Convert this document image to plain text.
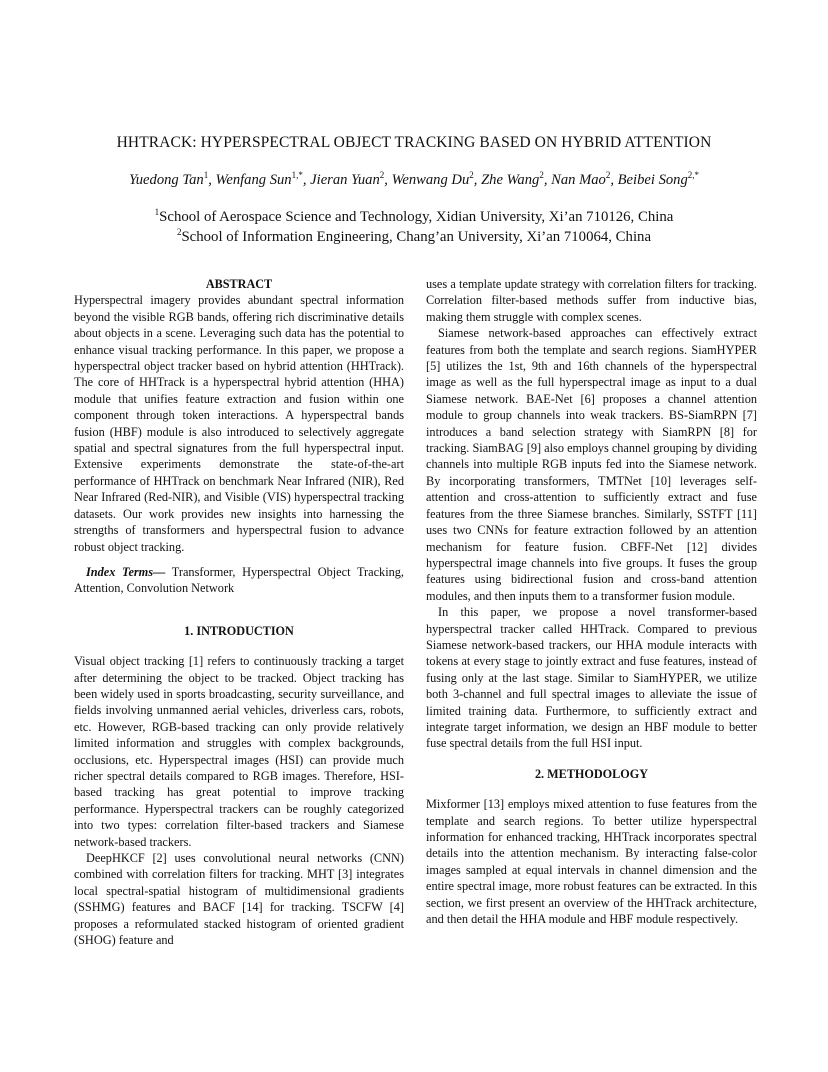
HHTRACK: HYPERSPECTRAL OBJECT TRACKING BASED ON HYBRID ATTENTION
Yuedong Tan$^1$, Wenfang Sun$^{1,*}$, Jieran Yuan$^2$, Wenwang Du$^2$, Zhe Wang$^2$, Nan Mao$^2$, Beibei Song$^{2,*}$
$^1$School of Aerospace Science and Technology, Xidian University, Xi’an 710126, China
$^2$School of Information Engineering, Chang’an University, Xi’an 710064, China

ABSTRACT

Hyperspectral imagery provides abundant spectral information beyond the visible RGB bands, offering rich discriminative details about objects in a scene. Leveraging such data has the potential to enhance visual tracking performance. In this paper, we propose a hyperspectral object tracker based on hybrid attention (HHTrack). The core of HHTrack is a hyperspectral hybrid attention (HHA) module that unifies feature extraction and fusion within one component through token interactions. A hyperspectral bands fusion (HBF) module is also introduced to selectively aggregate spatial and spectral signatures from the full hyperspectral input. Extensive experiments demonstrate the state-of-the-art performance of HHTrack on benchmark Near Infrared (NIR), Red Near Infrared (Red-NIR), and Visible (VIS) hyperspectral tracking datasets. Our work provides new insights into harnessing the strengths of transformers and hyperspectral fusion to advance robust object tracking.

Index Terms— Transformer, Hyperspectral Object Tracking, Attention, Convolution Network

1. INTRODUCTION

Visual object tracking [1] refers to continuously tracking a target after determining the object to be tracked. Object tracking has been widely used in sports broadcasting, security surveillance, and fields involving unmanned aerial vehicles, driverless cars, robots, etc. However, RGB-based tracking can only provide relatively limited information and struggles with complex backgrounds, occlusions, etc. Hyperspectral images (HSI) can provide much richer spectral details compared to RGB images. Therefore, HSI-based tracking has great potential to improve tracking performance. Hyperspectral trackers can be roughly categorized into two types: correlation filter-based trackers and Siamese network-based trackers.

DeepHKCF [2] uses convolutional neural networks (CNN) combined with correlation filters for tracking. MHT [3] integrates local spectral-spatial histogram of multidimensional gradients (SSHMG) features and BACF [14] for tracking. TSCFW [4] proposes a reformulated stacked histogram of oriented gradient (SHOG) feature and

uses a template update strategy with correlation filters for tracking. Correlation filter-based methods suffer from inductive bias, making them struggle with complex scenes.

Siamese network-based approaches can effectively extract features from both the template and search regions. SiamHYPER [5] utilizes the 1st, 9th and 16th channels of the hyperspectral image as well as the full hyperspectral image as input to a dual Siamese network. BAE-Net [6] proposes a channel attention module to group channels into weak trackers. BS-SiamRPN [7] introduces a band selection strategy with SiamRPN [8] for tracking. SiamBAG [9] also employs channel grouping by dividing channels into multiple RGB inputs fed into the Siamese network. By incorporating transformers, TMTNet [10] leverages self-attention and cross-attention to sufficiently extract and fuse features from the three Siamese branches. Similarly, SSTFT [11] uses two CNNs for feature extraction followed by an attention mechanism for feature fusion. CBFF-Net [12] divides hyperspectral image channels into five groups. It fuses the group features using bidirectional fusion and cross-band attention modules, and then inputs them to a transformer fusion module.

In this paper, we propose a novel transformer-based hyperspectral tracker called HHTrack. Compared to previous Siamese network-based trackers, our HHA module interacts with tokens at every stage to jointly extract and fuse features, instead of fusing only at the last stage. Similar to SiamHYPER, we utilize both 3-channel and full spectral images to alleviate the issue of limited training data. Furthermore, to sufficiently extract and integrate target information, we design an HBF module to better fuse spectral details from the full HSI input.

2. METHODOLOGY

Mixformer [13] employs mixed attention to fuse features from the template and search regions. To better utilize hyperspectral information for enhanced tracking, HHTrack incorporates spectral details into the attention mechanism. By interacting false-color images sampled at equal intervals in channel dimension and the entire spectral image, more robust features can be extracted. In this section, we first present an overview of the HHTrack architecture, and then detail the HHA module and HBF module respectively.
